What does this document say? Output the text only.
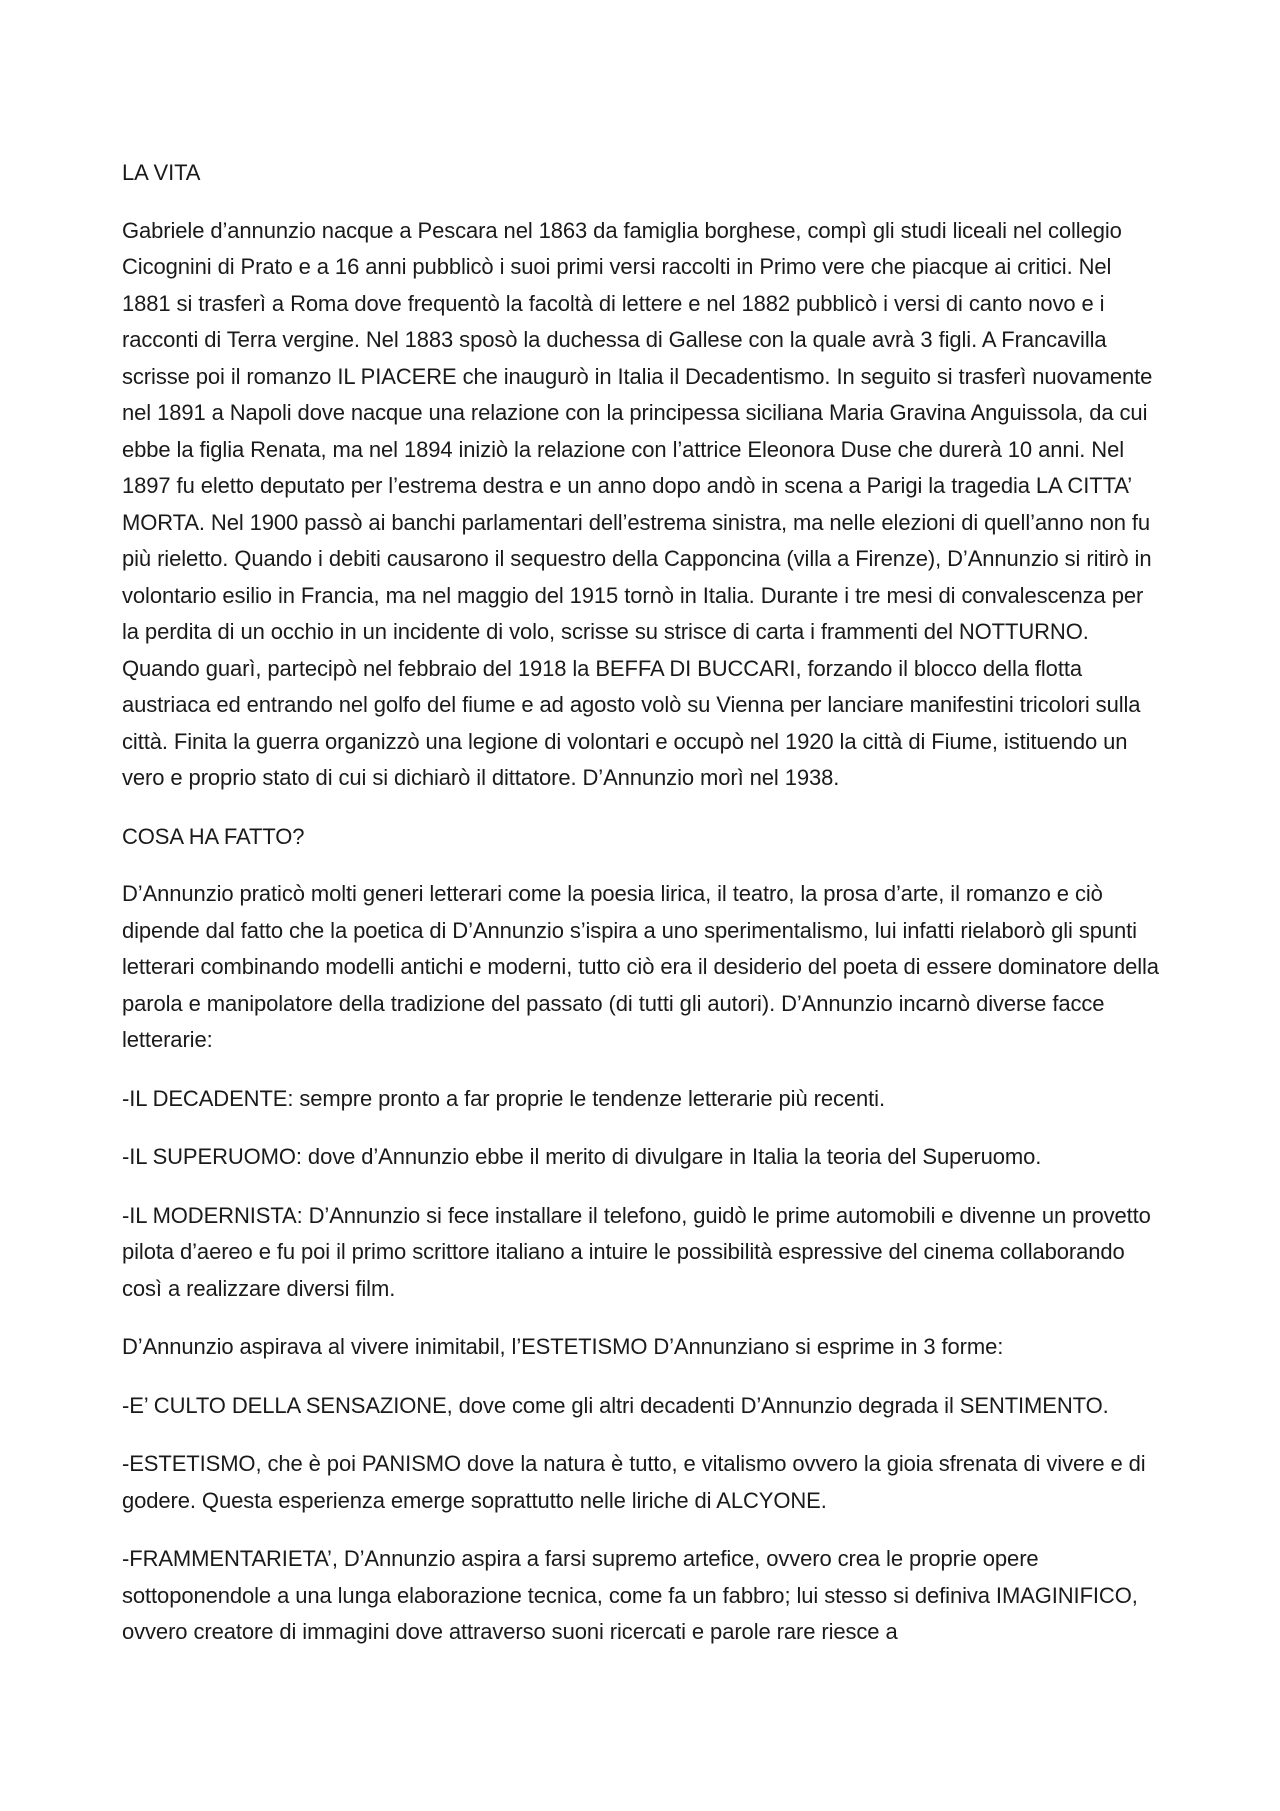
LA VITA

Gabriele d’annunzio nacque a Pescara nel 1863 da famiglia borghese, compì gli studi liceali nel collegio Cicognini di Prato e a 16 anni pubblicò i suoi primi versi raccolti in Primo vere che piacque ai critici. Nel 1881 si trasferì a Roma dove frequentò la facoltà di lettere e nel 1882 pubblicò i versi di canto novo e i racconti di Terra vergine. Nel 1883 sposò la duchessa di Gallese con la quale avrà 3 figli. A Francavilla scrisse poi il romanzo IL PIACERE che inaugurò in Italia il Decadentismo. In seguito si trasferì nuovamente nel 1891 a Napoli dove nacque una relazione con la principessa siciliana Maria Gravina Anguissola, da cui ebbe la figlia Renata, ma nel 1894 iniziò la relazione con l’attrice Eleonora Duse che durerà 10 anni. Nel 1897 fu eletto deputato per l’estrema destra e un anno dopo andò in scena a Parigi la tragedia LA CITTA’ MORTA. Nel 1900 passò ai banchi parlamentari dell’estrema sinistra, ma nelle elezioni di quell’anno non fu più rieletto. Quando i debiti causarono il sequestro della Capponcina (villa a Firenze), D’Annunzio si ritirò in volontario esilio in Francia, ma nel maggio del 1915 tornò in Italia. Durante i tre mesi di convalescenza per la perdita di un occhio in un incidente di volo, scrisse su strisce di carta i frammenti del NOTTURNO. Quando guarì, partecipò nel febbraio del 1918 la BEFFA DI BUCCARI, forzando il blocco della flotta austriaca ed entrando nel golfo del fiume e ad agosto volò su Vienna per lanciare manifestini tricolori sulla città. Finita la guerra organizzò una legione di volontari e occupò nel 1920 la città di Fiume, istituendo un vero e proprio stato di cui si dichiarò il dittatore. D’Annunzio morì nel 1938.

COSA HA FATTO?

D’Annunzio praticò molti generi letterari come la poesia lirica, il teatro, la prosa d’arte, il romanzo e ciò dipende dal fatto che la poetica di D’Annunzio s’ispira a uno sperimentalismo, lui infatti rielaborò gli spunti letterari combinando modelli antichi e moderni, tutto ciò era il desiderio del poeta di essere dominatore della parola e manipolatore della tradizione del passato (di tutti gli autori). D’Annunzio incarnò diverse facce letterarie:

-IL DECADENTE: sempre pronto a far proprie le tendenze letterarie più recenti.

-IL SUPERUOMO: dove d’Annunzio ebbe il merito di divulgare in Italia la teoria del Superuomo.

-IL MODERNISTA: D’Annunzio si fece installare il telefono, guidò le prime automobili e divenne un provetto pilota d’aereo e fu poi il primo scrittore italiano a intuire le possibilità espressive del cinema collaborando così a realizzare diversi film.

D’Annunzio aspirava al vivere inimitabil, l’ESTETISMO D’Annunziano si esprime in 3 forme:

-E’ CULTO DELLA SENSAZIONE, dove come gli altri decadenti D’Annunzio degrada il SENTIMENTO.

-ESTETISMO, che è poi PANISMO dove la natura è tutto, e vitalismo ovvero la gioia sfrenata di vivere e di godere. Questa esperienza emerge soprattutto nelle liriche di ALCYONE.

-FRAMMENTARIETA’, D’Annunzio aspira a farsi supremo artefice, ovvero crea le proprie opere sottoponendole a una lunga elaborazione tecnica, come fa un fabbro; lui stesso si definiva IMAGINIFICO, ovvero creatore di immagini dove attraverso suoni ricercati e parole rare riesce a
